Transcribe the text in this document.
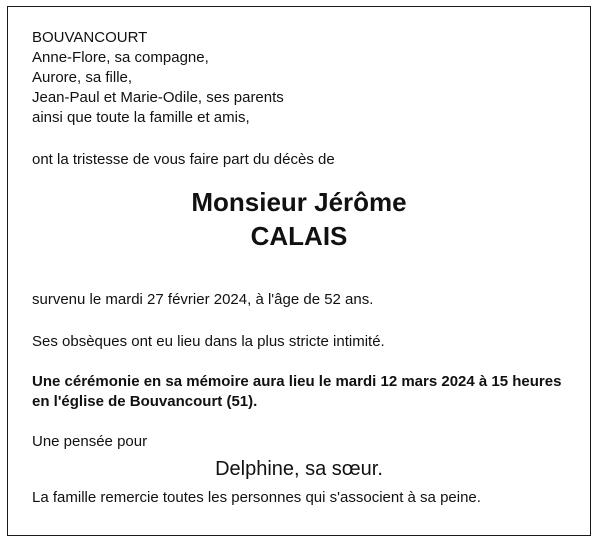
BOUVANCOURT
Anne-Flore, sa compagne,
Aurore, sa fille,
Jean-Paul et Marie-Odile, ses parents
ainsi que toute la famille et amis,
ont la tristesse de vous faire part du décès de
Monsieur Jérôme
CALAIS
survenu le mardi 27 février 2024, à l'âge de 52 ans.
Ses obsèques ont eu lieu dans la plus stricte intimité.
Une cérémonie en sa mémoire aura lieu le mardi 12 mars 2024 à 15 heures
en l'église de Bouvancourt (51).
Une pensée pour
Delphine, sa sœur.
La famille remercie toutes les personnes qui s'associent à sa peine.
